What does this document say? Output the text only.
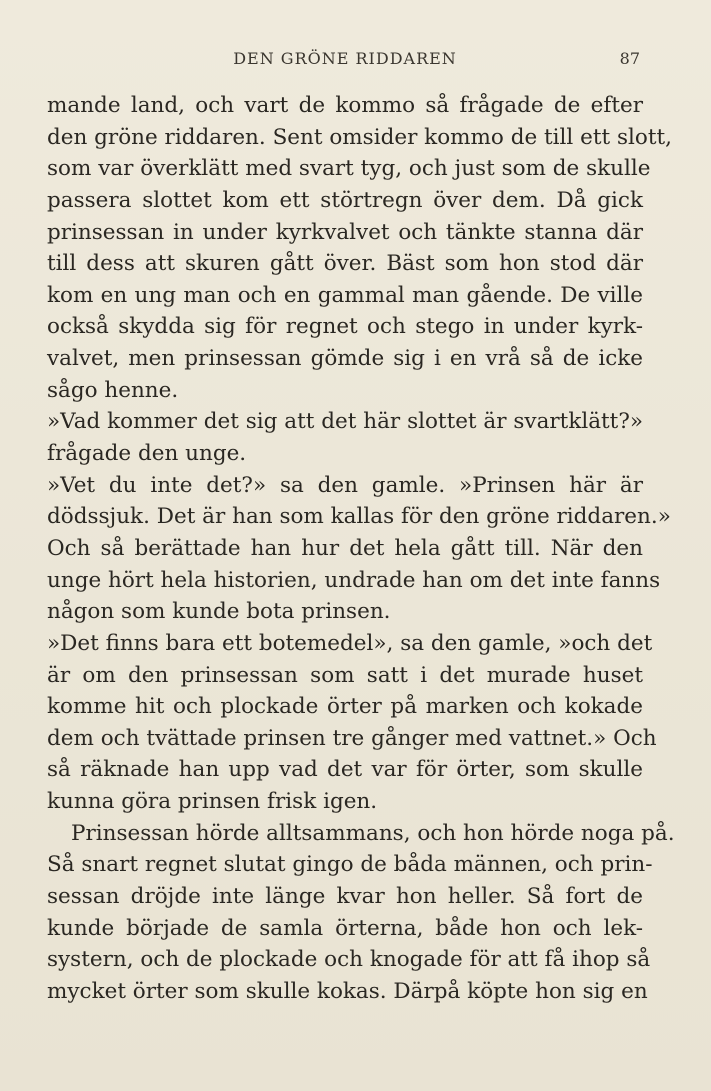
DEN GRÖNE RIDDAREN	87
mande land, och vart de kommo så frågade de efter
den gröne riddaren. Sent omsider kommo de till ett slott,
som var överklätt med svart tyg, och just som de skulle
passera slottet kom ett störtregn över dem. Då gick
prinsessan in under kyrkvalvet och tänkte stanna där
till dess att skuren gått över. Bäst som hon stod där
kom en ung man och en gammal man gående. De ville
också skydda sig för regnet och stego in under kyrk-
valvet, men prinsessan gömde sig i en vrå så de icke
sågo henne.
»Vad kommer det sig att det här slottet är svartklätt?»
frågade den unge.
»Vet du inte det?» sa den gamle. »Prinsen här är
dödssjuk. Det är han som kallas för den gröne riddaren.»
Och så berättade han hur det hela gått till. När den
unge hört hela historien, undrade han om det inte fanns
någon som kunde bota prinsen.
»Det finns bara ett botemedel», sa den gamle, »och det
är om den prinsessan som satt i det murade huset
komme hit och plockade örter på marken och kokade
dem och tvättade prinsen tre gånger med vattnet.» Och
så räknade han upp vad det var för örter, som skulle
kunna göra prinsen frisk igen.
Prinsessan hörde alltsammans, och hon hörde noga på.
Så snart regnet slutat gingo de båda männen, och prin-
sessan dröjde inte länge kvar hon heller. Så fort de
kunde började de samla örterna, både hon och lek-
systern, och de plockade och knogade för att få ihop så
mycket örter som skulle kokas. Därpå köpte hon sig en
